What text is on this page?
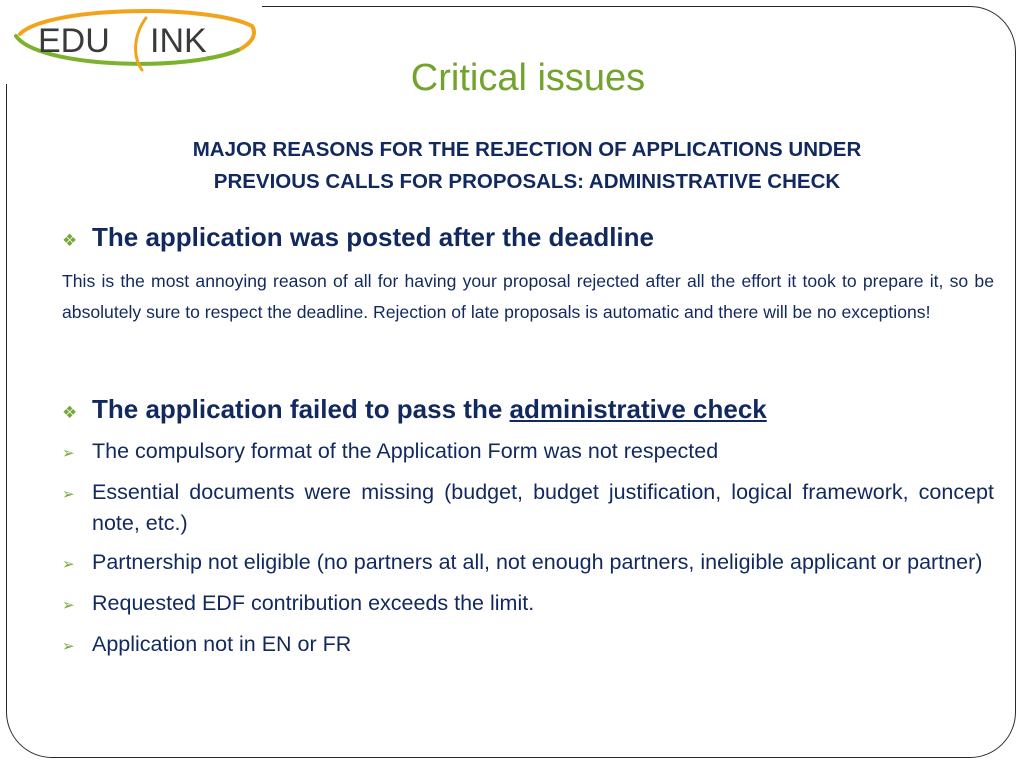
EDU INK
Critical issues
MAJOR REASONS FOR THE REJECTION OF APPLICATIONS UNDER
PREVIOUS CALLS FOR PROPOSALS: ADMINISTRATIVE CHECK
❖ The application was posted after the deadline
This is the most annoying reason of all for having your proposal rejected after all the effort it took to prepare it, so be absolutely sure to respect the deadline. Rejection of late proposals is automatic and there will be no exceptions!
❖ The application failed to pass the administrative check
➢ The compulsory format of the Application Form was not respected
➢ Essential documents were missing (budget, budget justification, logical framework, concept note, etc.)
➢ Partnership not eligible (no partners at all, not enough partners, ineligible applicant or partner)
➢ Requested EDF contribution exceeds the limit.
➢ Application not in EN or FR
